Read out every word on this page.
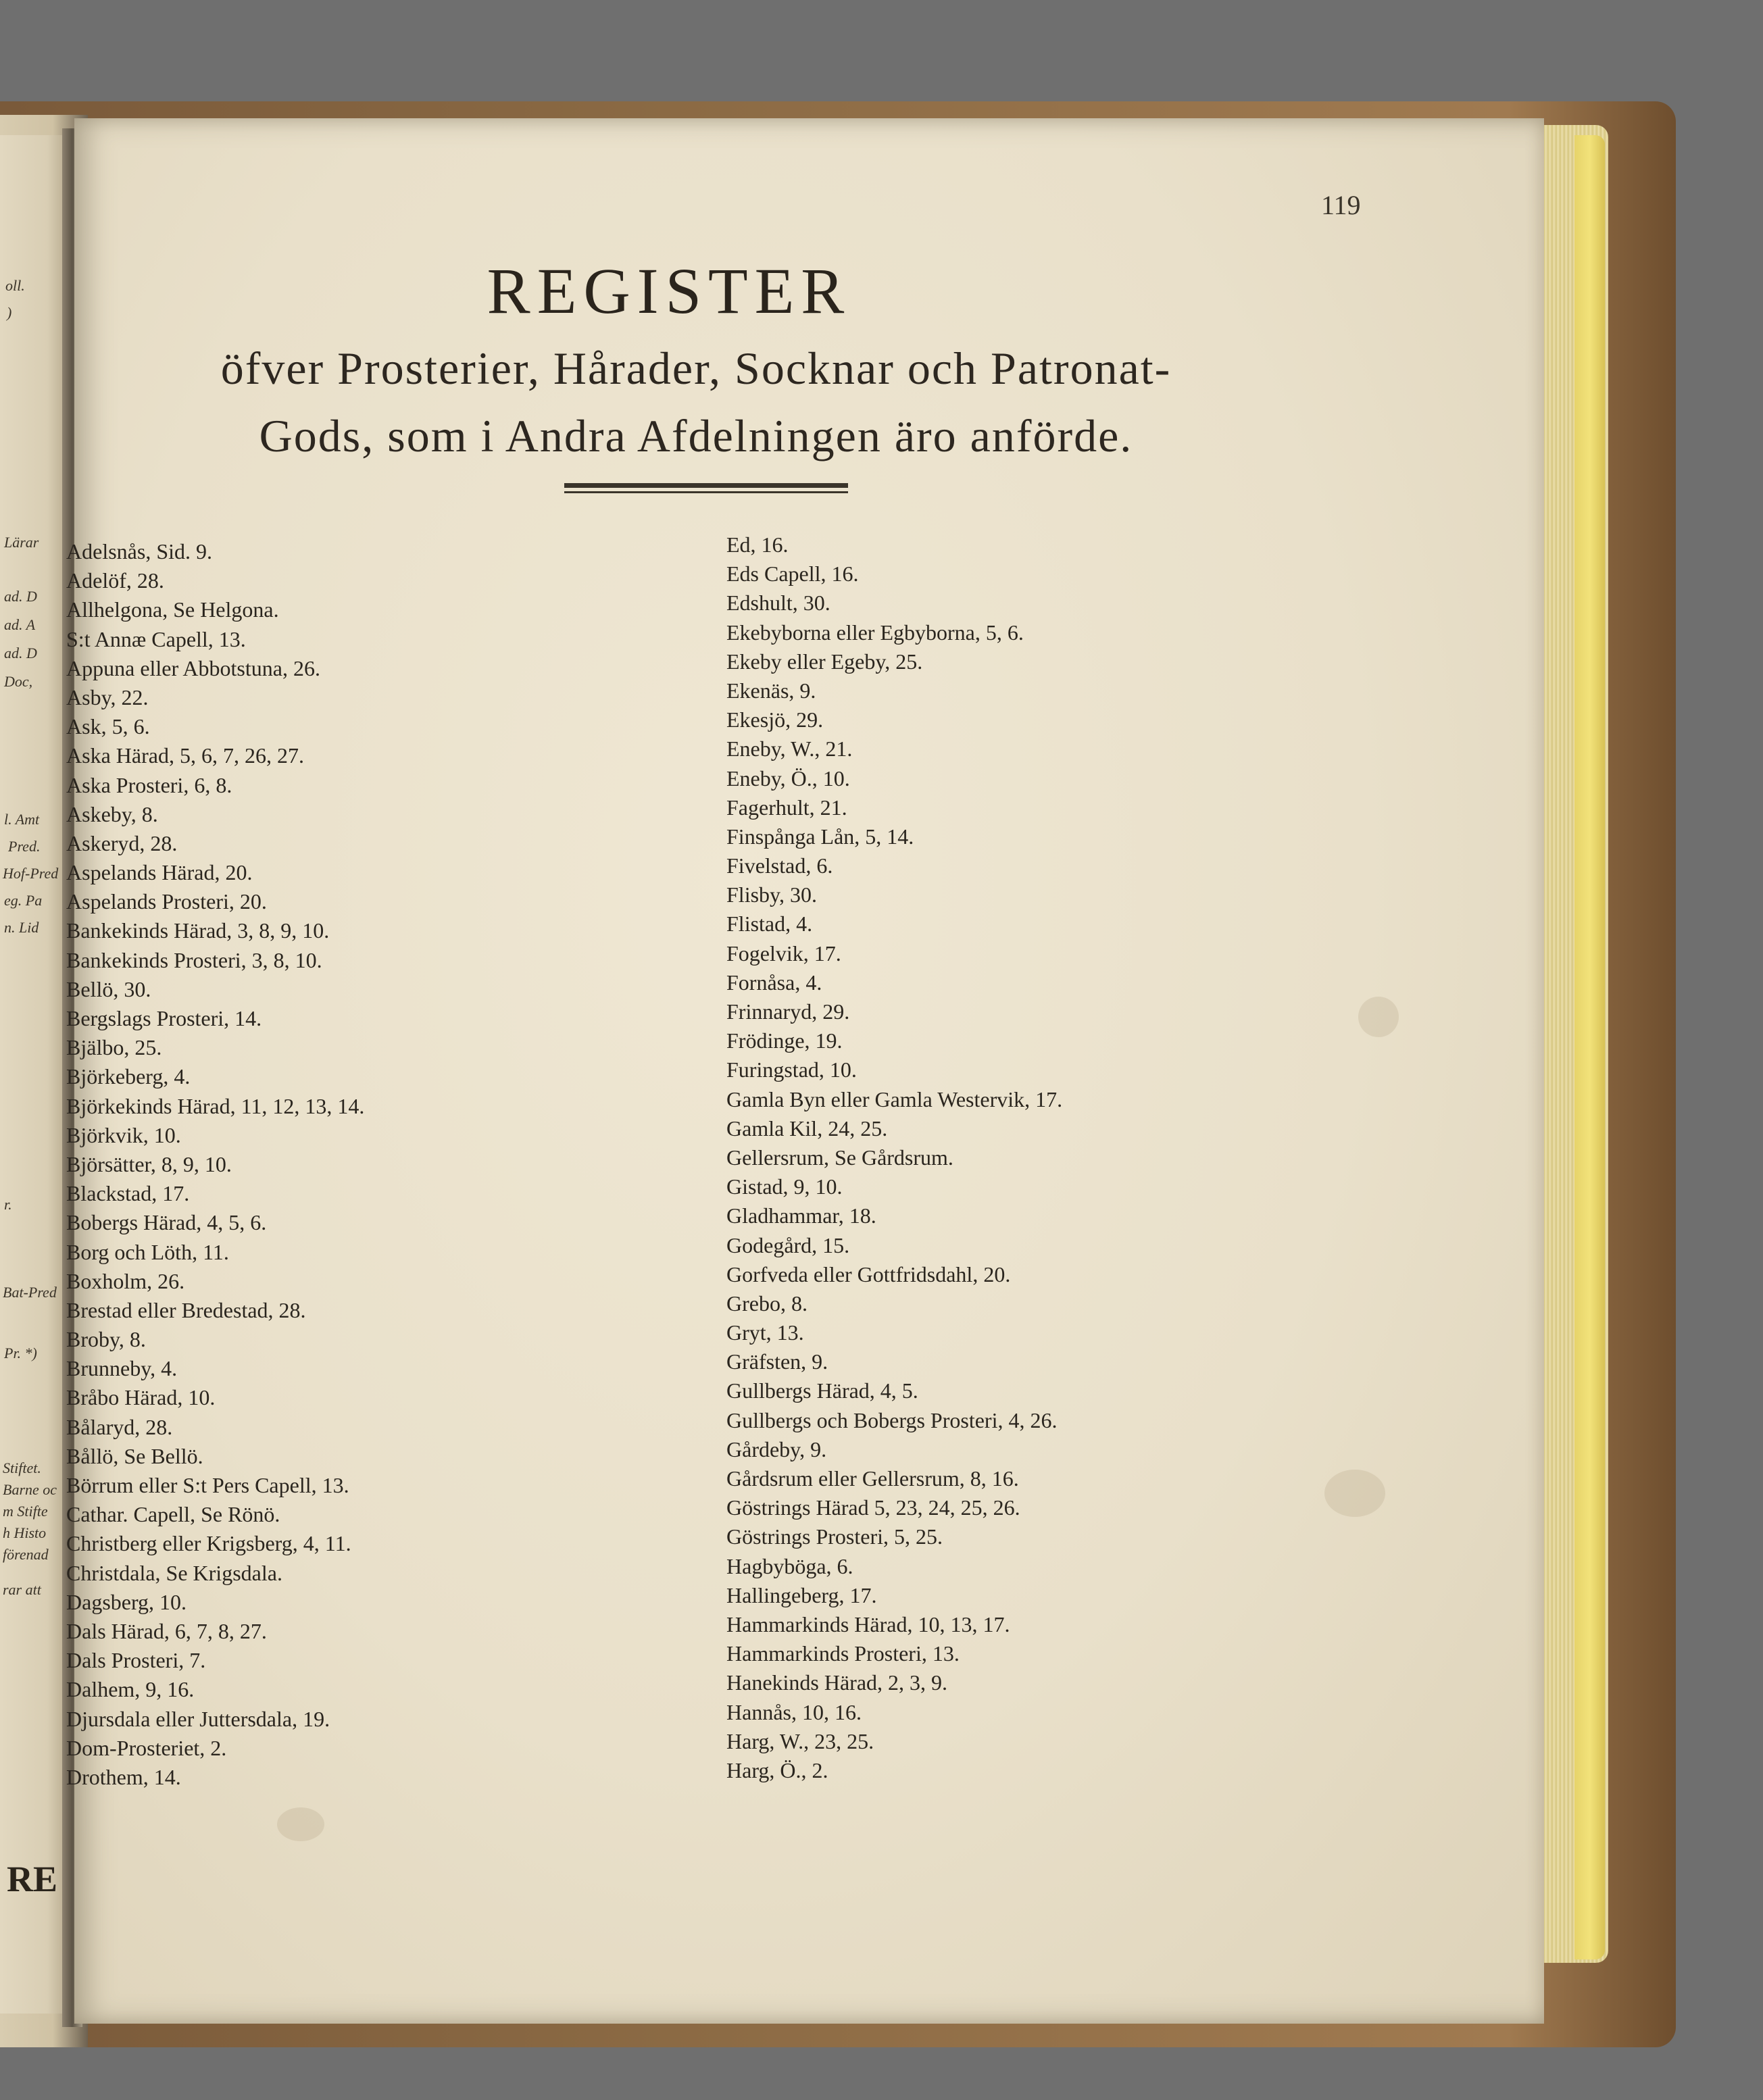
oll.
)
Lärar
ad. D
ad. A
ad. D
Doc,
l. Amt
Pred.
Hof-Pred
eg. Pa
n. Lid
r.
Bat-Pred
Pr. *)
Stiftet.
Barne oc
m Stifte
h Histo
förenad
rar att
RE
119
REGISTER
öfver Prosterier, Hårader, Socknar och Patronat-
Gods, som i Andra Afdelningen äro anförde.
Adelsnås, Sid. 9.
Adelöf, 28.
Allhelgona, Se Helgona.
S:t Annæ Capell, 13.
Appuna eller Abbotstuna, 26.
Asby, 22.
Ask, 5, 6.
Aska Härad, 5, 6, 7, 26, 27.
Aska Prosteri, 6, 8.
Askeby, 8.
Askeryd, 28.
Aspelands Härad, 20.
Aspelands Prosteri, 20.
Bankekinds Härad, 3, 8, 9, 10.
Bankekinds Prosteri, 3, 8, 10.
Bellö, 30.
Bergslags Prosteri, 14.
Bjälbo, 25.
Björkeberg, 4.
Björkekinds Härad, 11, 12, 13, 14.
Björkvik, 10.
Björsätter, 8, 9, 10.
Blackstad, 17.
Bobergs Härad, 4, 5, 6.
Borg och Löth, 11.
Boxholm, 26.
Brestad eller Bredestad, 28.
Broby, 8.
Brunneby, 4.
Bråbo Härad, 10.
Bålaryd, 28.
Bållö, Se Bellö.
Börrum eller S:t Pers Capell, 13.
Cathar. Capell, Se Rönö.
Christberg eller Krigsberg, 4, 11.
Christdala, Se Krigsdala.
Dagsberg, 10.
Dals Härad, 6, 7, 8, 27.
Dals Prosteri, 7.
Dalhem, 9, 16.
Djursdala eller Juttersdala, 19.
Dom-Prosteriet, 2.
Drothem, 14.
Ed, 16.
Eds Capell, 16.
Edshult, 30.
Ekebyborna eller Egbyborna, 5, 6.
Ekeby eller Egeby, 25.
Ekenäs, 9.
Ekesjö, 29.
Eneby, W., 21.
Eneby, Ö., 10.
Fagerhult, 21.
Finspånga Lån, 5, 14.
Fivelstad, 6.
Flisby, 30.
Flistad, 4.
Fogelvik, 17.
Fornåsa, 4.
Frinnaryd, 29.
Frödinge, 19.
Furingstad, 10.
Gamla Byn eller Gamla Westervik, 17.
Gamla Kil, 24, 25.
Gellersrum, Se Gårdsrum.
Gistad, 9, 10.
Gladhammar, 18.
Godegård, 15.
Gorfveda eller Gottfridsdahl, 20.
Grebo, 8.
Gryt, 13.
Gräfsten, 9.
Gullbergs Härad, 4, 5.
Gullbergs och Bobergs Prosteri, 4, 26.
Gårdeby, 9.
Gårdsrum eller Gellersrum, 8, 16.
Göstrings Härad 5, 23, 24, 25, 26.
Göstrings Prosteri, 5, 25.
Hagbyböga, 6.
Hallingeberg, 17.
Hammarkinds Härad, 10, 13, 17.
Hammarkinds Prosteri, 13.
Hanekinds Härad, 2, 3, 9.
Hannås, 10, 16.
Harg, W., 23, 25.
Harg, Ö., 2.
